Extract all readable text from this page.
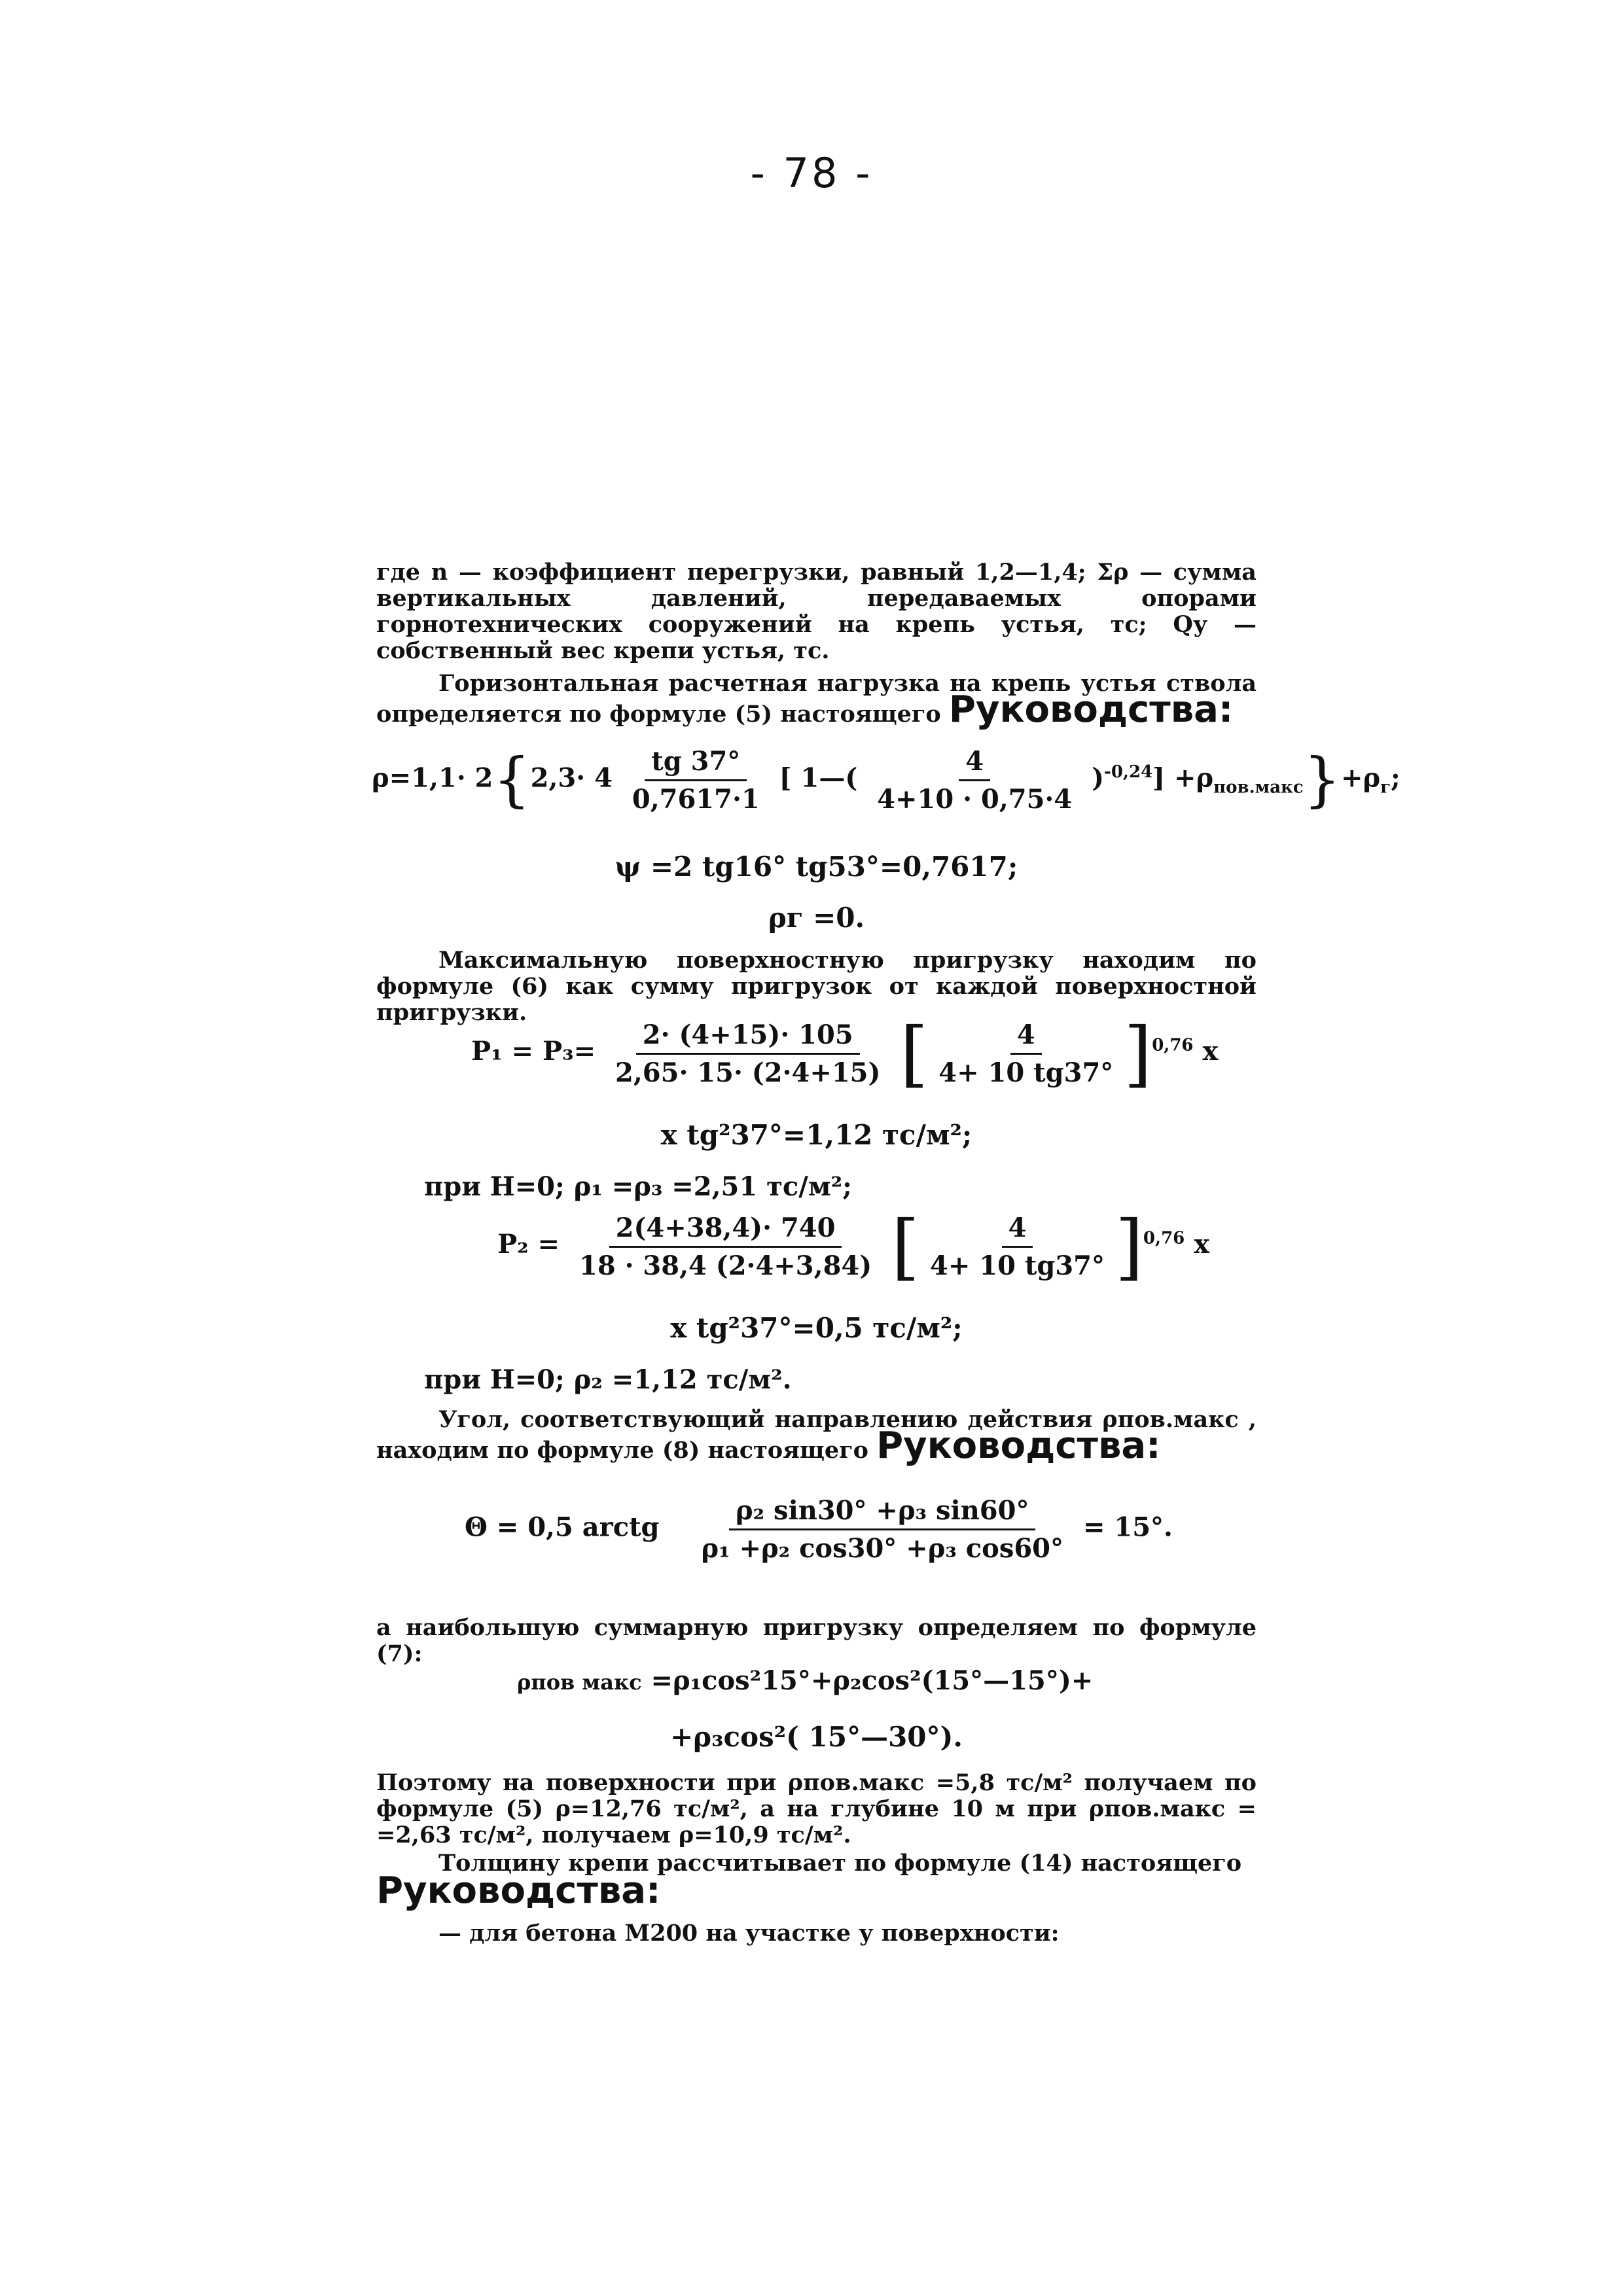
- 78 -
где n — коэффициент перегрузки, равный 1,2—1,4; Σρ — сумма вертикальных давлений, передаваемых опорами горнотехнических сооружений на крепь устья, тс; Qу — собственный вес крепи устья, тс.
Горизонтальная расчетная нагрузка на крепь устья ствола определяется по формуле (5) настоящего Руководства:
$\rho=1,1\cdot 2\{2,3\cdot 4 \frac{tg 37^\circ}{0,7617\cdot 1}$ [ 1—( $\frac{4}{4+10 \cdot 0,75\cdot 4} )^{-0,24}] +\rho_{пов.макс}\}+\rho_г$;
ψ =2 tg16° tg53°=0,7617;
ρг =0.
Максимальную поверхностную пригрузку находим по формуле (6) как сумму пригрузок от каждой поверхностной пригрузки.
$P_1 = P_3= \frac{2\cdot (4+15)\cdot 105}{2,65\cdot 15\cdot (2\cdot 4+15)}$ [ $\frac{4}{4+ 10 tg37^\circ} ]^{0,76}$ x
x tg²37°=1,12 тс/м²;
при H=0; ρ₁ =ρ₃ =2,51 тс/м²;
$P_2 = \frac{2(4+38,4)\cdot 740}{18 \cdot 38,4 (2\cdot 4+3,84)}$ [ $\frac{4}{4+ 10 tg37^\circ} ]^{0,76}$ x
x tg²37°=0,5 тс/м²;
при H=0; ρ₂ =1,12 тс/м².
Угол, соответствующий направлению действия ρпов.макс , находим по формуле (8) настоящего Руководства:
Θ = 0,5 arctg $\frac{\text{ρ₂ sin30° +ρ₃ sin60°}}{\text{ρ₁ +ρ₂ cos30° +ρ₃ cos60°}} = 15^\circ$.
а наибольшую суммарную пригрузку определяем по формуле (7):
ρпов макс =ρ₁cos²15°+ρ₂cos²(15°—15°)+
+ρ₃cos²( 15°—30°).
Поэтому на поверхности при ρпов.макс =5,8 тс/м² получаем по формуле (5) ρ=12,76 тс/м², а на глубине 10 м при ρпов.макс = =2,63 тс/м², получаем ρ=10,9 тс/м².
Толщину крепи рассчитывает по формуле (14) настоящего
Руководства:
— для бетона М200 на участке у поверхности:
